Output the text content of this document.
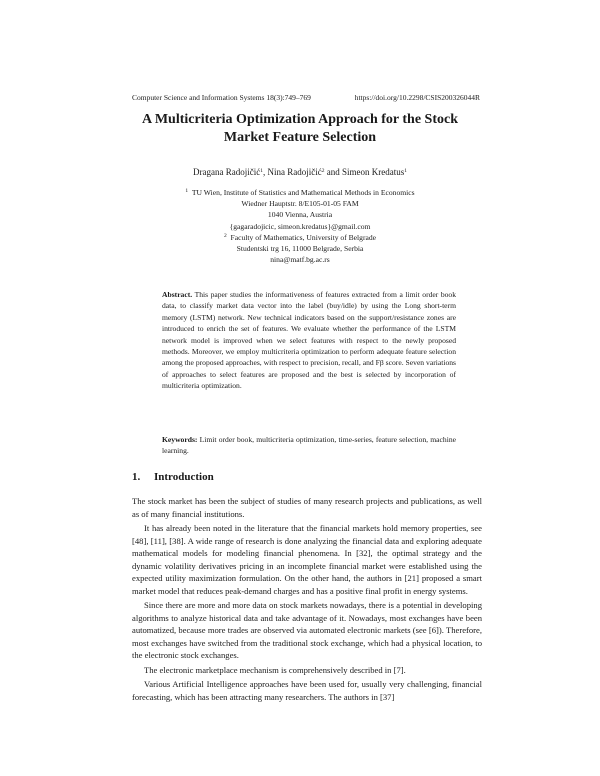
Computer Science and Information Systems 18(3):749–769	https://doi.org/10.2298/CSIS200326044R
A Multicriteria Optimization Approach for the Stock
Market Feature Selection
Dragana Radojičić$^1$, Nina Radojičić$^2$ and Simeon Kredatus$^1$
$^1$ TU Wien, Institute of Statistics and Mathematical Methods in Economics
Wiedner Hauptstr. 8/E105-01-05 FAM
1040 Vienna, Austria
{gagaradojicic, simeon.kredatus}@gmail.com
$^2$ Faculty of Mathematics, University of Belgrade
Studentski trg 16, 11000 Belgrade, Serbia
nina@matf.bg.ac.rs
Abstract. This paper studies the informativeness of features extracted from a limit order book data, to classify market data vector into the label (buy/idle) by using the Long short-term memory (LSTM) network. New technical indicators based on the support/resistance zones are introduced to enrich the set of features. We evaluate whether the performance of the LSTM network model is improved when we select features with respect to the newly proposed methods. Moreover, we employ multicriteria optimization to perform adequate feature selection among the proposed approaches, with respect to precision, recall, and Fβ score. Seven variations of approaches to select features are proposed and the best is selected by incorporation of multicriteria optimization.
Keywords: Limit order book, multicriteria optimization, time-series, feature selection, machine learning.
1. Introduction

The stock market has been the subject of studies of many research projects and publications, as well as of many financial institutions.

It has already been noted in the literature that the financial markets hold memory properties, see [48], [11], [38]. A wide range of research is done analyzing the financial data and exploring adequate mathematical models for modeling financial phenomena. In [32], the optimal strategy and the dynamic volatility derivatives pricing in an incomplete financial market were established using the expected utility maximization formulation. On the other hand, the authors in [21] proposed a smart market model that reduces peak-demand charges and has a positive final profit in energy systems.

Since there are more and more data on stock markets nowadays, there is a potential in developing algorithms to analyze historical data and take advantage of it. Nowadays, most exchanges have been automatized, because more trades are observed via automated electronic markets (see [6]). Therefore, most exchanges have switched from the traditional stock exchange, which had a physical location, to the electronic stock exchanges.

The electronic marketplace mechanism is comprehensively described in [7].

Various Artificial Intelligence approaches have been used for, usually very challenging, financial forecasting, which has been attracting many researchers. The authors in [37]
